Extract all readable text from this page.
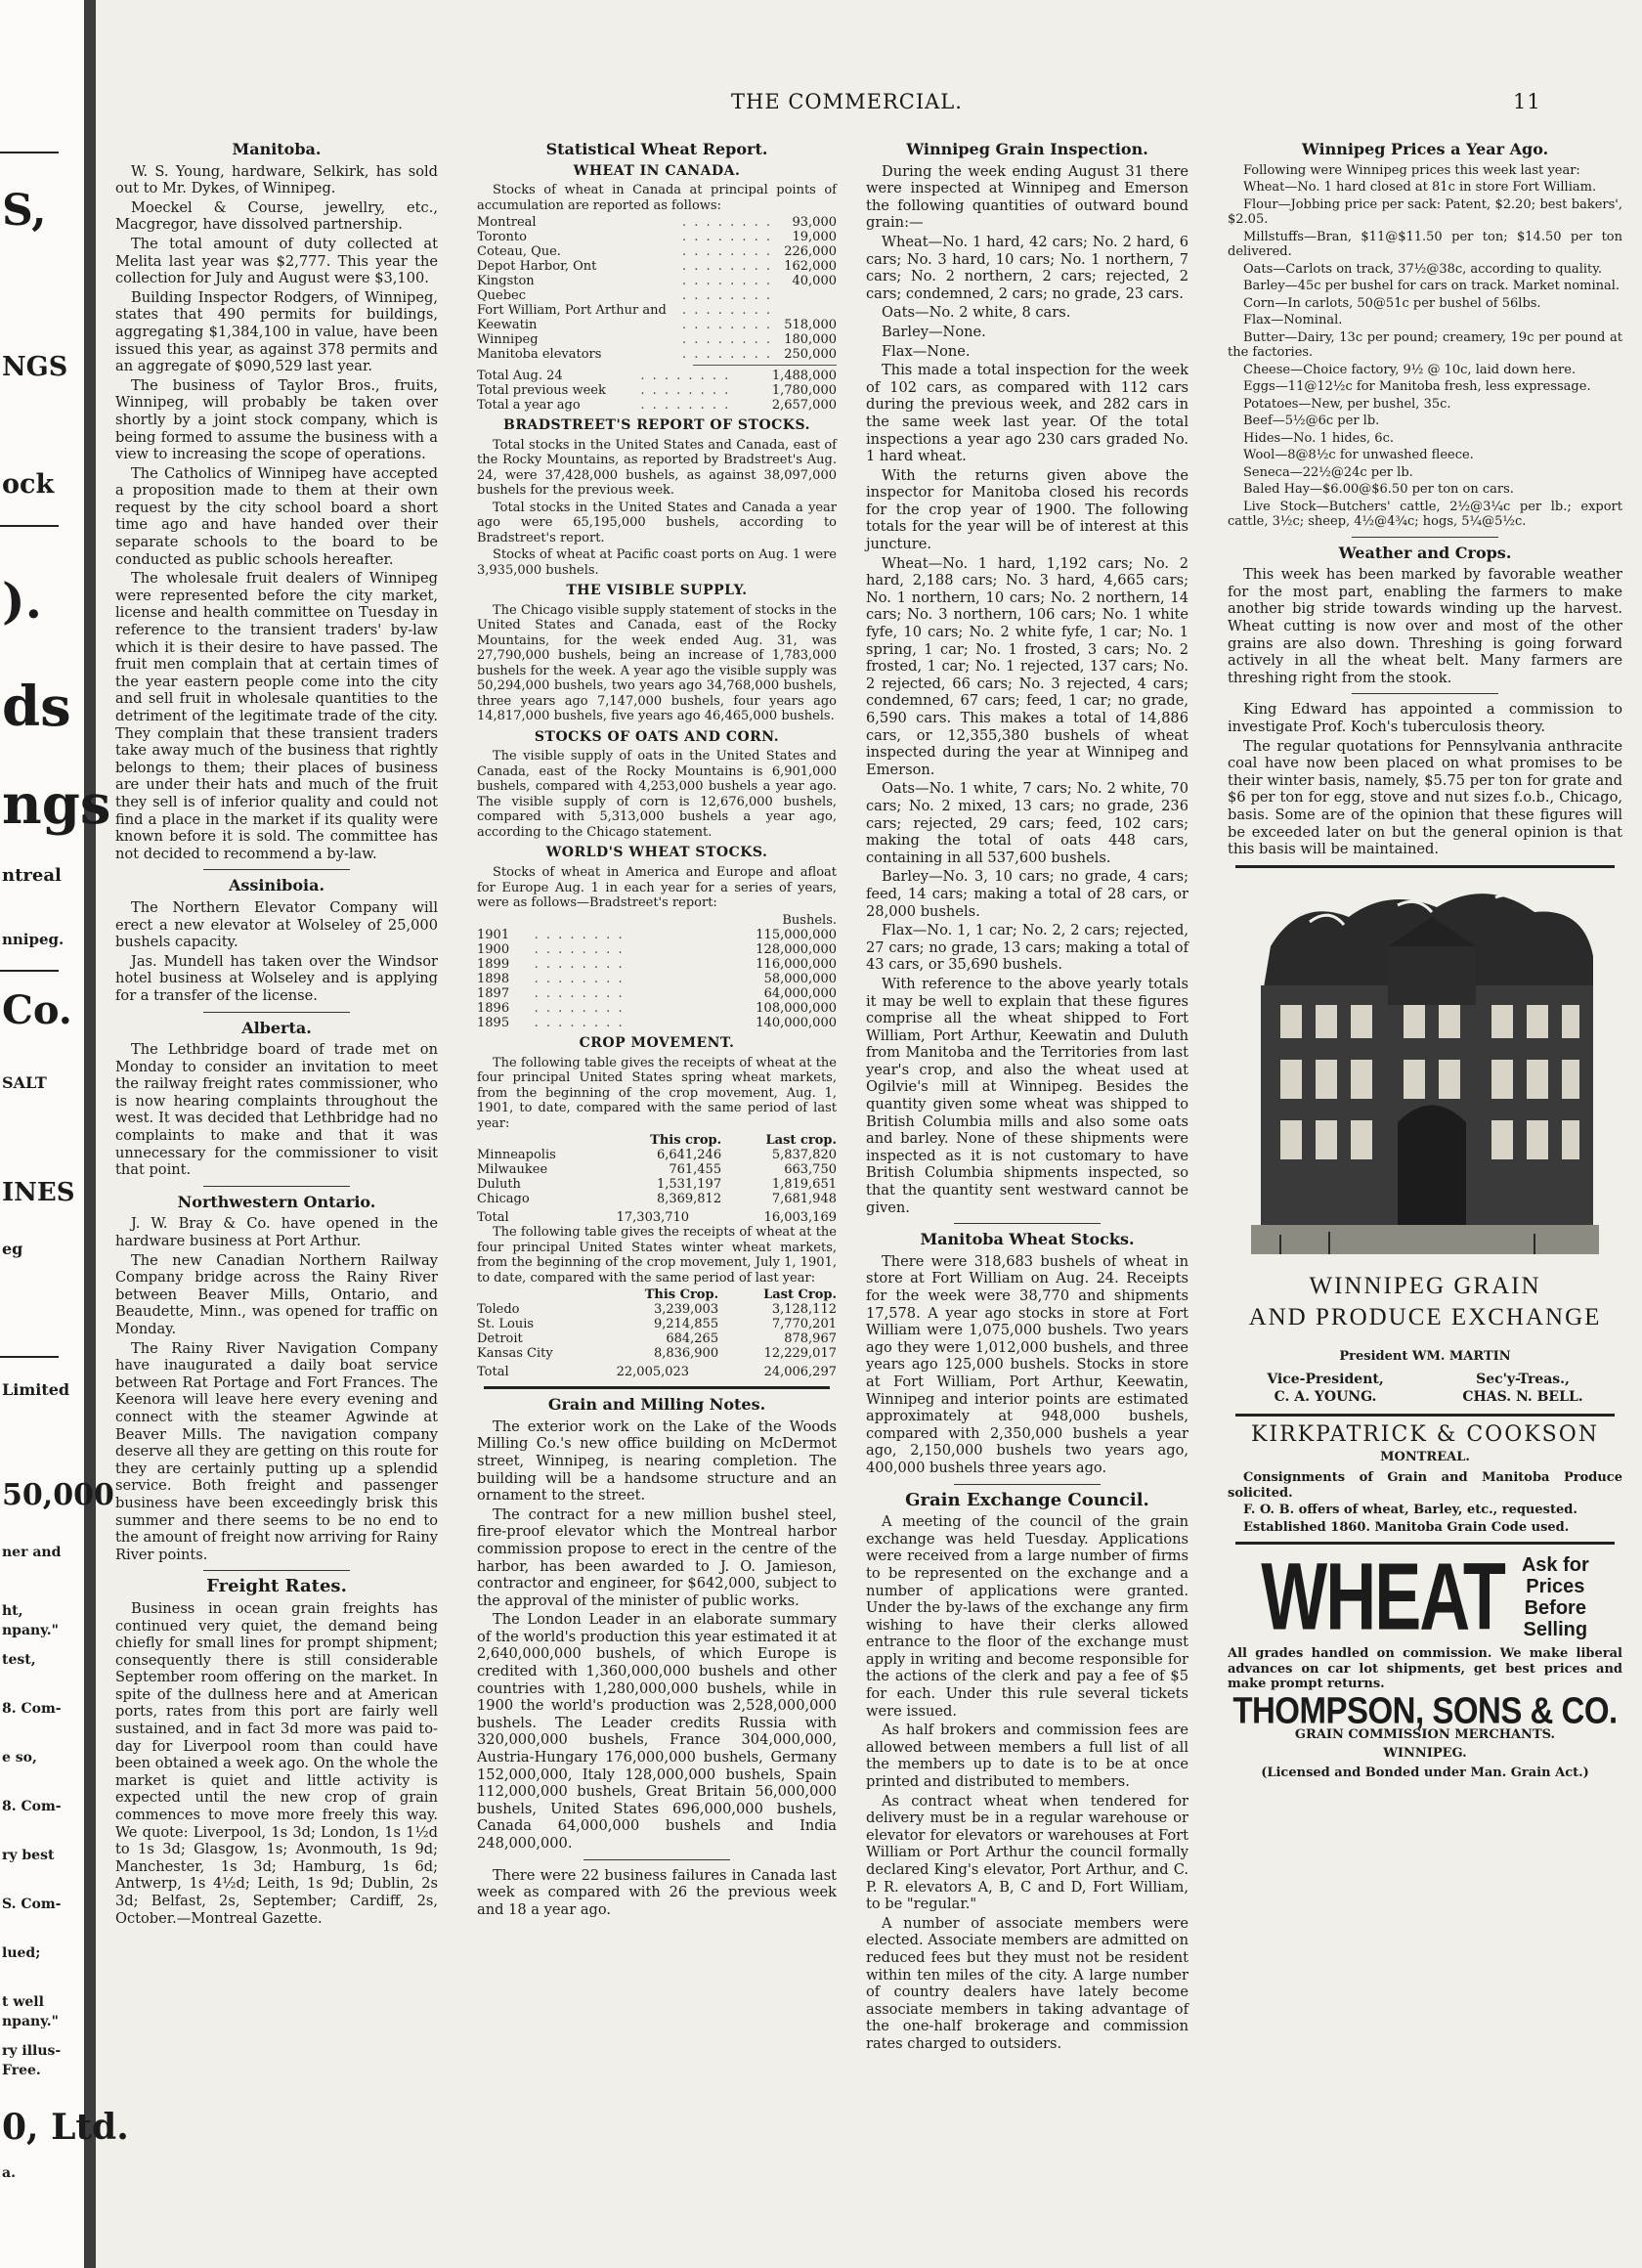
S,
NGS
ock
).
ds
ngs
ntreal
nnipeg.
Co.
SALT
INES
eg
Limited
50,000
ner and
ht,
npany."
test,
8. Com-
e so,
8. Com-
ry best
S. Com-
lued;
t well
npany."
ry illus-
Free.
0, Ltd.
a.
THE COMMERCIAL.	11
Manitoba.

W. S. Young, hardware, Selkirk, has sold out to Mr. Dykes, of Winnipeg.

Moeckel & Course, jewellry, etc., Macgregor, have dissolved partnership.

The total amount of duty collected at Melita last year was $2,777. This year the collection for July and August were $3,100.

Building Inspector Rodgers, of Winnipeg, states that 490 permits for buildings, aggregating $1,384,100 in value, have been issued this year, as against 378 permits and an aggregate of $090,529 last year.

The business of Taylor Bros., fruits, Winnipeg, will probably be taken over shortly by a joint stock company, which is being formed to assume the business with a view to increasing the scope of operations.

The Catholics of Winnipeg have accepted a proposition made to them at their own request by the city school board a short time ago and have handed over their separate schools to the board to be conducted as public schools hereafter.

The wholesale fruit dealers of Winnipeg were represented before the city market, license and health committee on Tuesday in reference to the transient traders' by-law which it is their desire to have passed. The fruit men complain that at certain times of the year eastern people come into the city and sell fruit in wholesale quantities to the detriment of the legitimate trade of the city. They complain that these transient traders take away much of the business that rightly belongs to them; their places of business are under their hats and much of the fruit they sell is of inferior quality and could not find a place in the market if its quality were known before it is sold. The committee has not decided to recommend a by-law.

Assiniboia.

The Northern Elevator Company will erect a new elevator at Wolseley of 25,000 bushels capacity.

Jas. Mundell has taken over the Windsor hotel business at Wolseley and is applying for a transfer of the license.

Alberta.

The Lethbridge board of trade met on Monday to consider an invitation to meet the railway freight rates commissioner, who is now hearing complaints throughout the west. It was decided that Lethbridge had no complaints to make and that it was unnecessary for the commissioner to visit that point.

Northwestern Ontario.

J. W. Bray & Co. have opened in the hardware business at Port Arthur.

The new Canadian Northern Railway Company bridge across the Rainy River between Beaver Mills, Ontario, and Beaudette, Minn., was opened for traffic on Monday.

The Rainy River Navigation Company have inaugurated a daily boat service between Rat Portage and Fort Frances. The Keenora will leave here every evening and connect with the steamer Agwinde at Beaver Mills. The navigation company deserve all they are getting on this route for they are certainly putting up a splendid service. Both freight and passenger business have been exceedingly brisk this summer and there seems to be no end to the amount of freight now arriving for Rainy River points.

Freight Rates.

Business in ocean grain freights has continued very quiet, the demand being chiefly for small lines for prompt shipment; consequently there is still considerable September room offering on the market. In spite of the dullness here and at American ports, rates from this port are fairly well sustained, and in fact 3d more was paid to-day for Liverpool room than could have been obtained a week ago. On the whole the market is quiet and little activity is expected until the new crop of grain commences to move more freely this way. We quote: Liverpool, 1s 3d; London, 1s 1½d to 1s 3d; Glasgow, 1s; Avonmouth, 1s 9d; Manchester, 1s 3d; Hamburg, 1s 6d; Antwerp, 1s 4½d; Leith, 1s 9d; Dublin, 2s 3d; Belfast, 2s, September; Cardiff, 2s, October.—Montreal Gazette.

Statistical Wheat Report.
WHEAT IN CANADA.

Stocks of wheat in Canada at principal points of accumulation are reported as follows:

Montreal	. . . . . . . .	93,000
Toronto	. . . . . . . .	19,000
Coteau, Que.	. . . . . . . .	226,000
Depot Harbor, Ont	. . . . . . . .	162,000
Kingston	. . . . . . . .	40,000
Quebec	. . . . . . . .	
Fort William, Port Arthur and	. . . . . . . .	
Keewatin	. . . . . . . .	518,000
Winnipeg	. . . . . . . .	180,000
Manitoba elevators	. . . . . . . .	250,000
Total Aug. 24	. . . . . . . .	1,488,000
Total previous week	. . . . . . . .	1,780,000
Total a year ago	. . . . . . . .	2,657,000
BRADSTREET'S REPORT OF STOCKS.

Total stocks in the United States and Canada, east of the Rocky Mountains, as reported by Bradstreet's Aug. 24, were 37,428,000 bushels, as against 38,097,000 bushels for the previous week.

Total stocks in the United States and Canada a year ago were 65,195,000 bushels, according to Bradstreet's report.

Stocks of wheat at Pacific coast ports on Aug. 1 were 3,935,000 bushels.

THE VISIBLE SUPPLY.

The Chicago visible supply statement of stocks in the United States and Canada, east of the Rocky Mountains, for the week ended Aug. 31, was 27,790,000 bushels, being an increase of 1,783,000 bushels for the week. A year ago the visible supply was 50,294,000 bushels, two years ago 34,768,000 bushels, three years ago 7,147,000 bushels, four years ago 14,817,000 bushels, five years ago 46,465,000 bushels.

STOCKS OF OATS AND CORN.

The visible supply of oats in the United States and Canada, east of the Rocky Mountains is 6,901,000 bushels, compared with 4,253,000 bushels a year ago. The visible supply of corn is 12,676,000 bushels, compared with 5,313,000 bushels a year ago, according to the Chicago statement.

WORLD'S WHEAT STOCKS.

Stocks of wheat in America and Europe and afloat for Europe Aug. 1 in each year for a series of years, were as follows—Bradstreet's report:

Bushels.
1901	. . . . . . . .	115,000,000
1900	. . . . . . . .	128,000,000
1899	. . . . . . . .	116,000,000
1898	. . . . . . . .	58,000,000
1897	. . . . . . . .	64,000,000
1896	. . . . . . . .	108,000,000
1895	. . . . . . . .	140,000,000
CROP MOVEMENT.

The following table gives the receipts of wheat at the four principal United States spring wheat markets, from the beginning of the crop movement, Aug. 1, 1901, to date, compared with the same period of last year:

	This crop.	Last crop.
Minneapolis	6,641,246	5,837,820
Milwaukee	761,455	663,750
Duluth	1,531,197	1,819,651
Chicago	8,369,812	7,681,948
Total	17,303,710	16,003,169

The following table gives the receipts of wheat at the four principal United States winter wheat markets, from the beginning of the crop movement, July 1, 1901, to date, compared with the same period of last year:

	This Crop.	Last Crop.
Toledo	3,239,003	3,128,112
St. Louis	9,214,855	7,770,201
Detroit	684,265	878,967
Kansas City	8,836,900	12,229,017
Total	22,005,023	24,006,297
Grain and Milling Notes.

The exterior work on the Lake of the Woods Milling Co.'s new office building on McDermot street, Winnipeg, is nearing completion. The building will be a handsome structure and an ornament to the street.

The contract for a new million bushel steel, fire-proof elevator which the Montreal harbor commission propose to erect in the centre of the harbor, has been awarded to J. O. Jamieson, contractor and engineer, for $642,000, subject to the approval of the minister of public works.

The London Leader in an elaborate summary of the world's production this year estimated it at 2,640,000,000 bushels, of which Europe is credited with 1,360,000,000 bushels and other countries with 1,280,000,000 bushels, while in 1900 the world's production was 2,528,000,000 bushels. The Leader credits Russia with 320,000,000 bushels, France 304,000,000, Austria-Hungary 176,000,000 bushels, Germany 152,000,000, Italy 128,000,000 bushels, Spain 112,000,000 bushels, Great Britain 56,000,000 bushels, United States 696,000,000 bushels, Canada 64,000,000 bushels and India 248,000,000.

There were 22 business failures in Canada last week as compared with 26 the previous week and 18 a year ago.

Winnipeg Grain Inspection.

During the week ending August 31 there were inspected at Winnipeg and Emerson the following quantities of outward bound grain:—

Wheat—No. 1 hard, 42 cars; No. 2 hard, 6 cars; No. 3 hard, 10 cars; No. 1 northern, 7 cars; No. 2 northern, 2 cars; rejected, 2 cars; condemned, 2 cars; no grade, 23 cars.

Oats—No. 2 white, 8 cars.

Barley—None.

Flax—None.

This made a total inspection for the week of 102 cars, as compared with 112 cars during the previous week, and 282 cars in the same week last year. Of the total inspections a year ago 230 cars graded No. 1 hard wheat.

With the returns given above the inspector for Manitoba closed his records for the crop year of 1900. The following totals for the year will be of interest at this juncture.

Wheat—No. 1 hard, 1,192 cars; No. 2 hard, 2,188 cars; No. 3 hard, 4,665 cars; No. 1 northern, 10 cars; No. 2 northern, 14 cars; No. 3 northern, 106 cars; No. 1 white fyfe, 10 cars; No. 2 white fyfe, 1 car; No. 1 spring, 1 car; No. 1 frosted, 3 cars; No. 2 frosted, 1 car; No. 1 rejected, 137 cars; No. 2 rejected, 66 cars; No. 3 rejected, 4 cars; condemned, 67 cars; feed, 1 car; no grade, 6,590 cars. This makes a total of 14,886 cars, or 12,355,380 bushels of wheat inspected during the year at Winnipeg and Emerson.

Oats—No. 1 white, 7 cars; No. 2 white, 70 cars; No. 2 mixed, 13 cars; no grade, 236 cars; rejected, 29 cars; feed, 102 cars; making the total of oats 448 cars, containing in all 537,600 bushels.

Barley—No. 3, 10 cars; no grade, 4 cars; feed, 14 cars; making a total of 28 cars, or 28,000 bushels.

Flax—No. 1, 1 car; No. 2, 2 cars; rejected, 27 cars; no grade, 13 cars; making a total of 43 cars, or 35,690 bushels.

With reference to the above yearly totals it may be well to explain that these figures comprise all the wheat shipped to Fort William, Port Arthur, Keewatin and Duluth from Manitoba and the Territories from last year's crop, and also the wheat used at Ogilvie's mill at Winnipeg. Besides the quantity given some wheat was shipped to British Columbia mills and also some oats and barley. None of these shipments were inspected as it is not customary to have British Columbia shipments inspected, so that the quantity sent westward cannot be given.

Manitoba Wheat Stocks.

There were 318,683 bushels of wheat in store at Fort William on Aug. 24. Receipts for the week were 38,770 and shipments 17,578. A year ago stocks in store at Fort William were 1,075,000 bushels. Two years ago they were 1,012,000 bushels, and three years ago 125,000 bushels. Stocks in store at Fort William, Port Arthur, Keewatin, Winnipeg and interior points are estimated approximately at 948,000 bushels, compared with 2,350,000 bushels a year ago, 2,150,000 bushels two years ago, 400,000 bushels three years ago.

Grain Exchange Council.

A meeting of the council of the grain exchange was held Tuesday. Applications were received from a large number of firms to be represented on the exchange and a number of applications were granted. Under the by-laws of the exchange any firm wishing to have their clerks allowed entrance to the floor of the exchange must apply in writing and become responsible for the actions of the clerk and pay a fee of $5 for each. Under this rule several tickets were issued.

As half brokers and commission fees are allowed between members a full list of all the members up to date is to be at once printed and distributed to members.

As contract wheat when tendered for delivery must be in a regular warehouse or elevator for elevators or warehouses at Fort William or Port Arthur the council formally declared King's elevator, Port Arthur, and C. P. R. elevators A, B, C and D, Fort William, to be "regular."

A number of associate members were elected. Associate members are admitted on reduced fees but they must not be resident within ten miles of the city. A large number of country dealers have lately become associate members in taking advantage of the one-half brokerage and commission rates charged to outsiders.

Winnipeg Prices a Year Ago.

Following were Winnipeg prices this week last year:

Wheat—No. 1 hard closed at 81c in store Fort William.

Flour—Jobbing price per sack: Patent, $2.20; best bakers', $2.05.

Millstuffs—Bran, $11@$11.50 per ton; $14.50 per ton delivered.

Oats—Carlots on track, 37½@38c, according to quality.

Barley—45c per bushel for cars on track. Market nominal.

Corn—In carlots, 50@51c per bushel of 56lbs.

Flax—Nominal.

Butter—Dairy, 13c per pound; creamery, 19c per pound at the factories.

Cheese—Choice factory, 9½ @ 10c, laid down here.

Eggs—11@12½c for Manitoba fresh, less expressage.

Potatoes—New, per bushel, 35c.

Beef—5½@6c per lb.

Hides—No. 1 hides, 6c.

Wool—8@8½c for unwashed fleece.

Seneca—22½@24c per lb.

Baled Hay—$6.00@$6.50 per ton on cars.

Live Stock—Butchers' cattle, 2½@3¼c per lb.; export cattle, 3½c; sheep, 4½@4¾c; hogs, 5¼@5½c.

Weather and Crops.

This week has been marked by favorable weather for the most part, enabling the farmers to make another big stride towards winding up the harvest. Wheat cutting is now over and most of the other grains are also down. Threshing is going forward actively in all the wheat belt. Many farmers are threshing right from the stook.

King Edward has appointed a commission to investigate Prof. Koch's tuberculosis theory.

The regular quotations for Pennsylvania anthracite coal have now been placed on what promises to be their winter basis, namely, $5.75 per ton for grate and $6 per ton for egg, stove and nut sizes f.o.b., Chicago, basis. Some are of the opinion that these figures will be exceeded later on but the general opinion is that this basis will be maintained.

WINNIPEG GRAIN
AND PRODUCE EXCHANGE
President WM. MARTIN
Vice-President,
C. A. YOUNG.
Sec'y-Treas.,
CHAS. N. BELL.
KIRKPATRICK & COOKSON
MONTREAL.

Consignments of Grain and Manitoba Produce solicited.

F. O. B. offers of wheat, Barley, etc., requested.

Established 1860. Manitoba Grain Code used.

WHEAT Ask for
Prices
Before
Selling

All grades handled on commission. We make liberal advances on car lot shipments, get best prices and make prompt returns.

THOMPSON, SONS & CO.
GRAIN COMMISSION MERCHANTS.
WINNIPEG.
(Licensed and Bonded under Man. Grain Act.)
